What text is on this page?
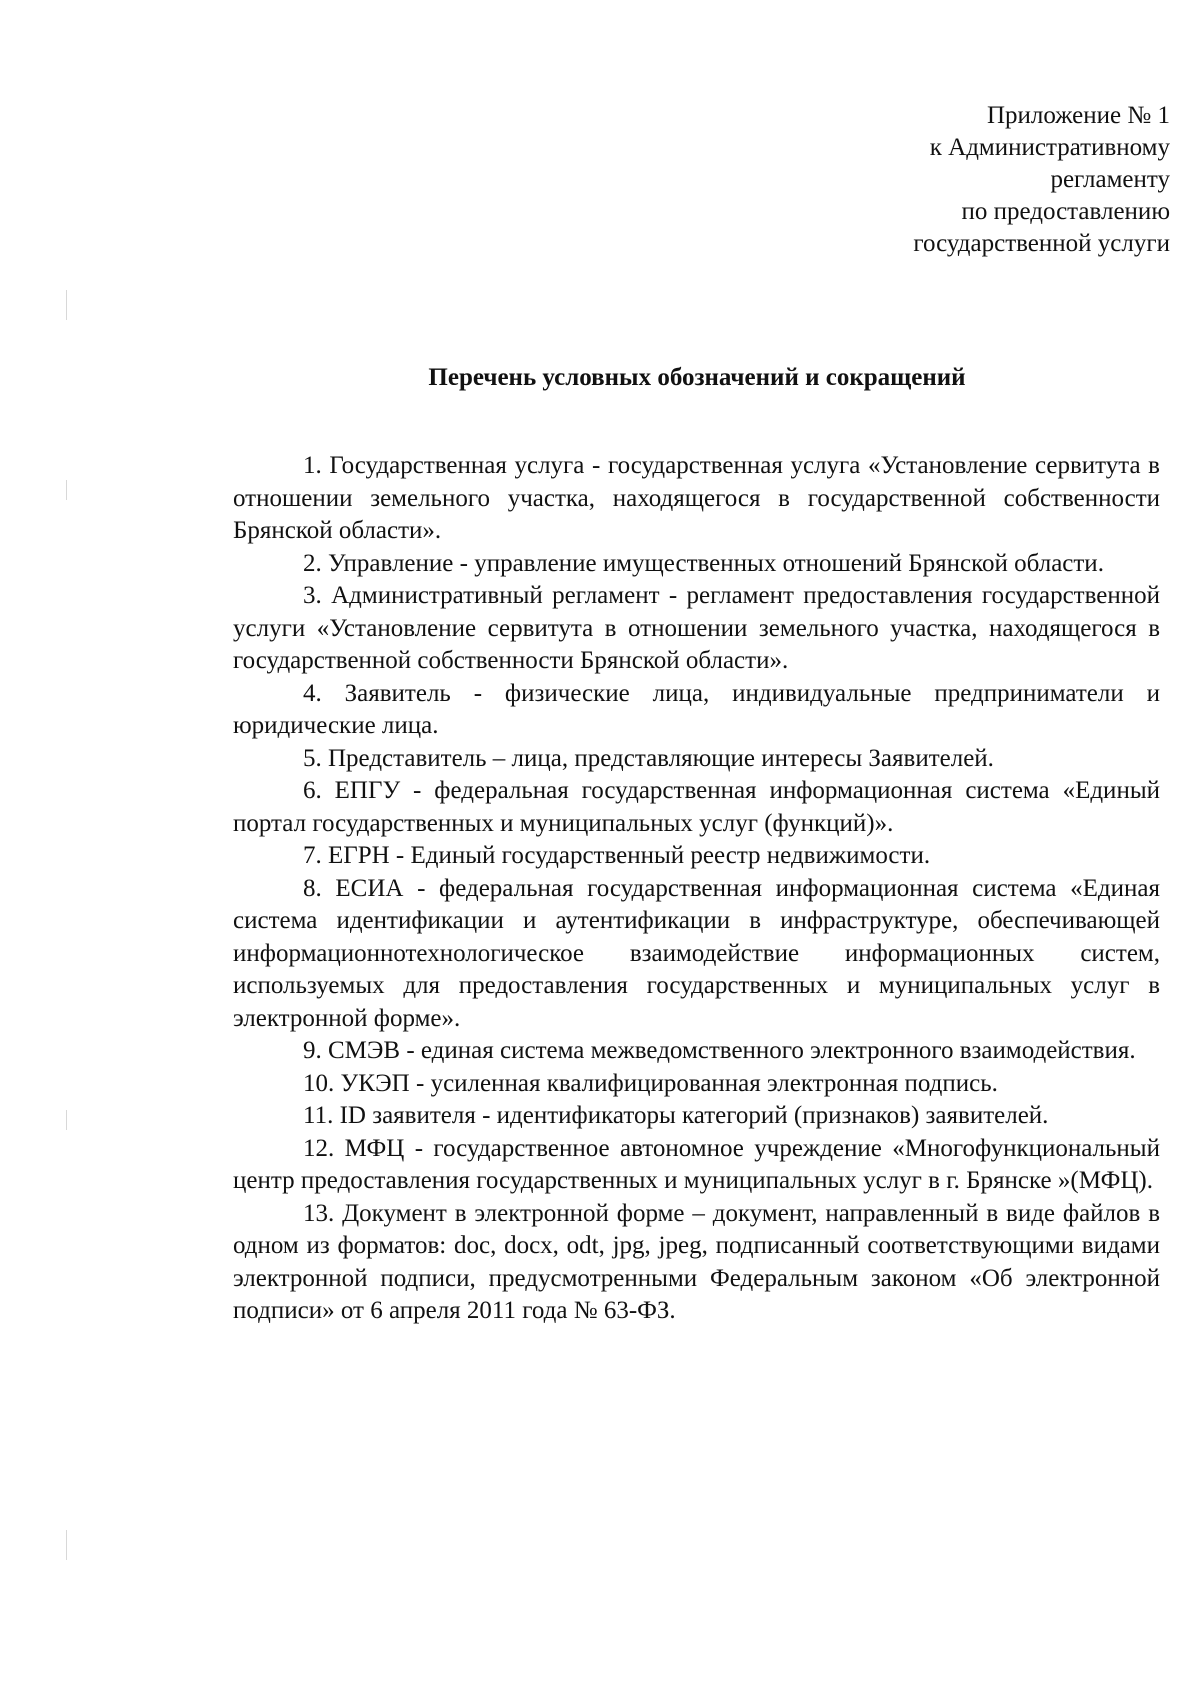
Приложение № 1
к Административному
регламенту
по предоставлению
государственной услуги
Перечень условных обозначений и сокращений

1. Государственная услуга - государственная услуга «Установление сервитута в отношении земельного участка, находящегося в государственной собственности Брянской области».

2. Управление - управление имущественных отношений Брянской области.

3. Административный регламент - регламент предоставления государственной услуги «Установление сервитута в отношении земельного участка, находящегося в государственной собственности Брянской области».

4. Заявитель - физические лица, индивидуальные предприниматели и юридические лица.

5. Представитель – лица, представляющие интересы Заявителей.

6. ЕПГУ - федеральная государственная информационная система «Единый портал государственных и муниципальных услуг (функций)».

7. ЕГРН - Единый государственный реестр недвижимости.

8. ЕСИА - федеральная государственная информационная система «Единая система идентификации и аутентификации в инфраструктуре, обеспечивающей информационнотехнологическое взаимодействие информационных систем, используемых для предоставления государственных и муниципальных услуг в электронной форме».

9. СМЭВ - единая система межведомственного электронного взаимодействия.

10. УКЭП - усиленная квалифицированная электронная подпись.

11. ID заявителя - идентификаторы категорий (признаков) заявителей.

12. МФЦ - государственное автономное учреждение «Многофункциональный центр предоставления государственных и муниципальных услуг в г. Брянске »(МФЦ).

13. Документ в электронной форме – документ, направленный в виде файлов в одном из форматов: doc, docx, odt, jpg, jpeg, подписанный соответствующими видами электронной подписи, предусмотренными Федеральным законом «Об электронной подписи» от 6 апреля 2011 года № 63-ФЗ.
